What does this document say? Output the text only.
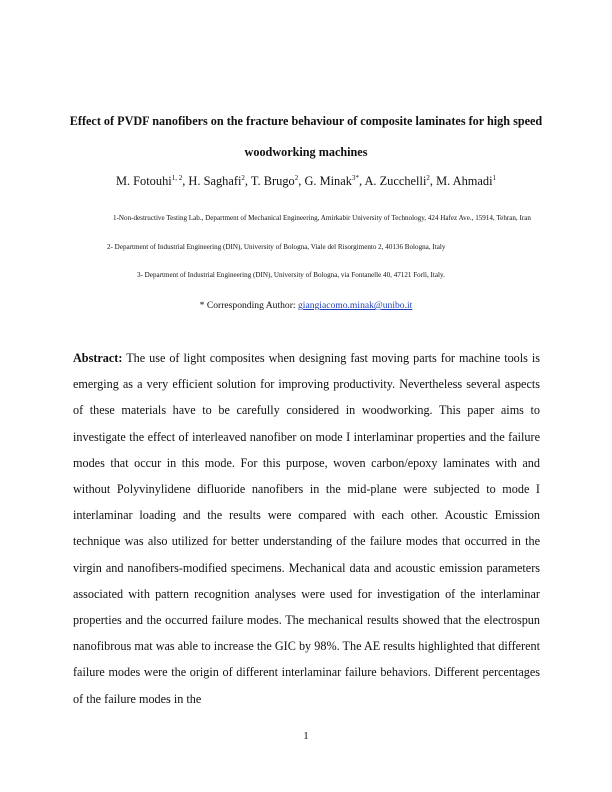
Effect of PVDF nanofibers on the fracture behaviour of composite laminates for high speed
woodworking machines
M. Fotouhi$^{1, 2}$, H. Saghafi$^2$, T. Brugo$^2$, G. Minak$^{3*}$, A. Zucchelli$^2$, M. Ahmadi$^1$
1-Non-destructive Testing Lab., Department of Mechanical Engineering, Amirkabir University of Technology, 424 Hafez Ave., 15914, Tehran, Iran
2- Department of Industrial Engineering (DIN), University of Bologna, Viale del Risorgimento 2, 40136 Bologna, Italy
3- Department of Industrial Engineering (DIN), University of Bologna, via Fontanelle 40, 47121 Forlì, Italy.
* Corresponding Author: giangiacomo.minak@unibo.it
Abstract: The use of light composites when designing fast moving parts for machine tools is emerging as a very efficient solution for improving productivity. Nevertheless several aspects of these materials have to be carefully considered in woodworking. This paper aims to investigate the effect of interleaved nanofiber on mode I interlaminar properties and the failure modes that occur in this mode. For this purpose, woven carbon/epoxy laminates with and without Polyvinylidene difluoride nanofibers in the mid-plane were subjected to mode I interlaminar loading and the results were compared with each other. Acoustic Emission technique was also utilized for better understanding of the failure modes that occurred in the virgin and nanofibers-modified specimens. Mechanical data and acoustic emission parameters associated with pattern recognition analyses were used for investigation of the interlaminar properties and the occurred failure modes. The mechanical results showed that the electrospun nanofibrous mat was able to increase the GIC by 98%. The AE results highlighted that different failure modes were the origin of different interlaminar failure behaviors. Different percentages of the failure modes in the
1
